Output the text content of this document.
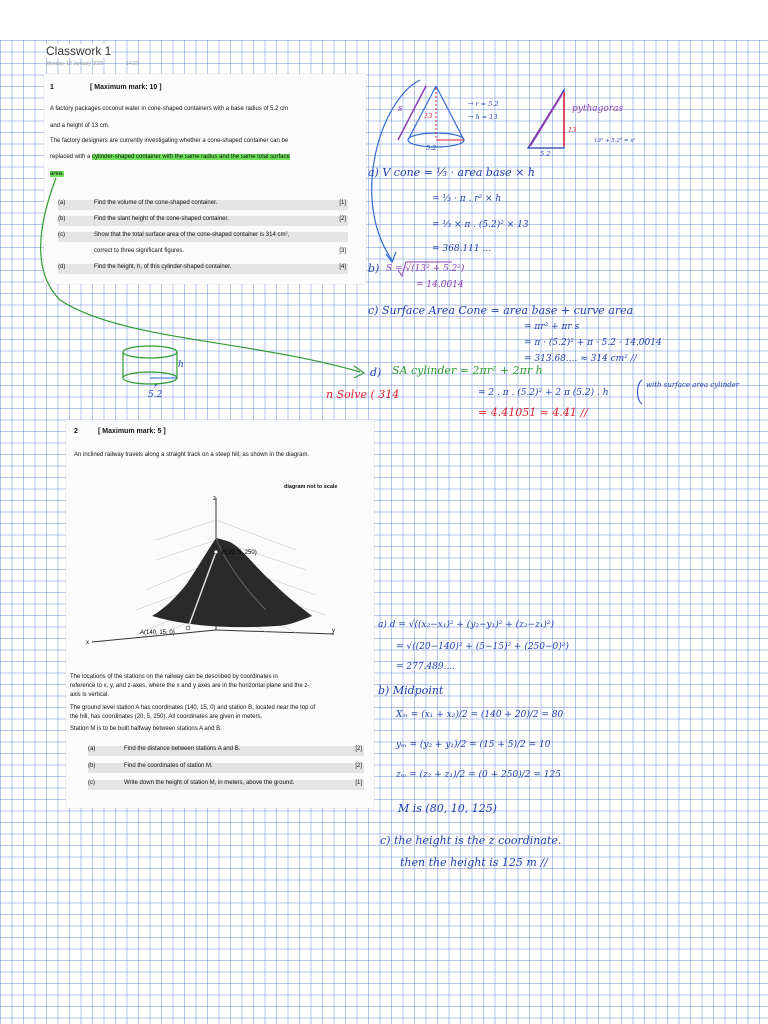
Classwork 1
Monday, 13 January 2025	14:27
1	[ Maximum mark: 10 ]
A factory packages coconut water in cone-shaped containers with a base radius of 5.2 cm
and a height of 13 cm.
The factory designers are currently investigating whether a cone-shaped container can be
replaced with a cylinder-shaped container with the same radius and the same total surface
area.
(a)	Find the volume of the cone-shaped container.	[1]
(b)	Find the slant height of the cone-shaped container.	[2]
(c)	Show that the total surface area of the cone-shaped container is 314 cm²,
correct to three significant figures.	[3]
(d)	Find the height, h, of this cylinder-shaped container.	[4]
2	[ Maximum mark: 5 ]
An inclined railway travels along a straight track on a steep hill, as shown in the diagram.
diagram not to scale
z
y
x
B(20, 5, 250)
A(140, 15, 0)
The locations of the stations on the railway can be described by coordinates in
reference to x, y, and z-axes, where the x and y axes are in the horizontal plane and the z-
axis is vertical.
The ground level station A has coordinates (140, 15, 0) and station B, located near the top of
the hill, has coordinates (20, 5, 250). All coordinates are given in meters.
Station M is to be built halfway between stations A and B.
(a)	Find the distance between stations A and B.	[2]
(b)	Find the coordinates of station M.	[2]
(c)	Write down the height of station M, in meters, above the ground.	[1]
s
13
→ r = 5.2
→ h = 13
5.2
pythagoras
13
5.2
13² + 5.2² = s²
a) V cone = ⅓ · area base × h
= ⅓ · π . r² × h
= ⅓ × π . (5.2)² × 13
= 368.111 ...
b) S = √(13² + 5.2²)
= 14.0014
c) Surface Area Cone = area base + curve area
= πr² + πr s
= π · (5.2)² + π · 5.2 · 14.0014
= 313.68.... ≈ 314 cm² //
h
r
5.2
d) SA cylinder = 2πr² + 2πr h
= 2 . π . (5.2)² + 2 π (5.2) . h
with surface area cylinder
n Solve ( 314
= 4.41051 ≈ 4.41 //
a) d = √((x₂−x₁)² + (y₂−y₁)² + (z₂−z₁)²)
= √((20−140)² + (5−15)² + (250−0)²)
= 277.489....
b) Midpoint
Xₘ = (x₁ + x₂)/2 = (140 + 20)/2 = 80
yₘ = (y₂ + y₁)/2 = (15 + 5)/2 = 10
zₘ = (z₂ + z₁)/2 = (0 + 250)/2 = 125
M is (80, 10, 125)
c) the height is the z coordinate.
then the height is 125 m //
